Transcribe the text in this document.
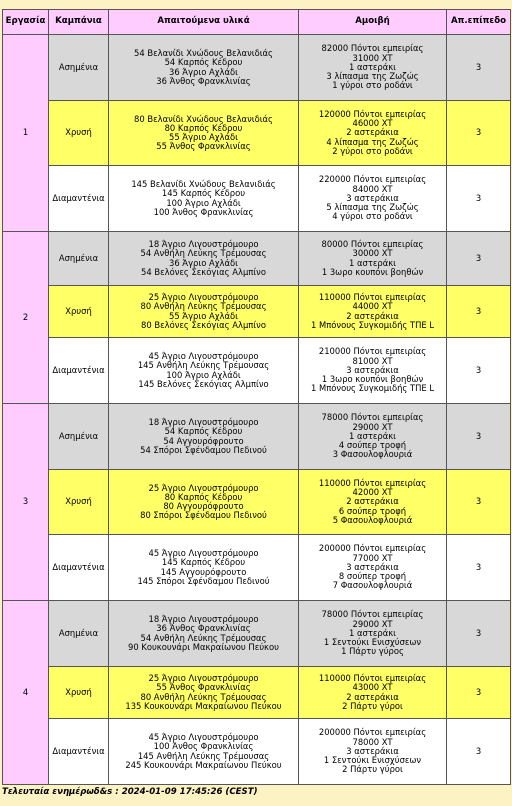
Εργασία	Καμπάνια	Απαιτούμενα υλικά	Αμοιβή	Απ.επίπεδο
1	Ασημένια	54 Βελανίδι Χνώδους Βελανιδιάς
54 Καρπός Κέδρου
36 Άγριο Αχλάδι
36 Άνθος Φρανκλινίας	82000 Πόντοι εμπειρίας
31000 XT
1 αστεράκι
3 λίπασμα της Ζωζώς
1 γύροι στο ροδάνι	3
	Χρυσή	80 Βελανίδι Χνώδους Βελανιδιάς
80 Καρπός Κέδρου
55 Άγριο Αχλάδι
55 Άνθος Φρανκλινίας	120000 Πόντοι εμπειρίας
46000 XT
2 αστεράκια
4 λίπασμα της Ζωζώς
2 γύροι στο ροδάνι	3
	Διαμαντένια	145 Βελανίδι Χνώδους Βελανιδιάς
145 Καρπός Κέδρου
100 Άγριο Αχλάδι
100 Άνθος Φρανκλινίας	220000 Πόντοι εμπειρίας
84000 XT
3 αστεράκια
5 λίπασμα της Ζωζώς
4 γύροι στο ροδάνι	3
2	Ασημένια	18 Άγριο Λιγουστρόμουρο
54 Ανθήλη Λεύκης Τρέμουσας
36 Άγριο Αχλάδι
54 Βελόνες Σεκόγιας Αλμπίνο	80000 Πόντοι εμπειρίας
30000 XT
1 αστεράκι
1 3ωρο κουπόνι βοηθών	3
	Χρυσή	25 Άγριο Λιγουστρόμουρο
80 Ανθήλη Λεύκης Τρέμουσας
55 Άγριο Αχλάδι
80 Βελόνες Σεκόγιας Αλμπίνο	110000 Πόντοι εμπειρίας
44000 XT
2 αστεράκια
1 Μπόνους Συγκομιδής ΤΠΕ L	3
	Διαμαντένια	45 Άγριο Λιγουστρόμουρο
145 Ανθήλη Λεύκης Τρέμουσας
100 Άγριο Αχλάδι
145 Βελόνες Σεκόγιας Αλμπίνο	210000 Πόντοι εμπειρίας
81000 XT
3 αστεράκια
1 3ωρο κουπόνι βοηθών
1 Μπόνους Συγκομιδής ΤΠΕ L	3
3	Ασημένια	18 Άγριο Λιγουστρόμουρο
54 Καρπός Κέδρου
54 Αγγουρόφρουτο
54 Σπόροι Σφένδαμου Πεδινού	78000 Πόντοι εμπειρίας
29000 XT
1 αστεράκι
4 σούπερ τροφή
3 Φασουλοφλουριά	3
	Χρυσή	25 Άγριο Λιγουστρόμουρο
80 Καρπός Κέδρου
80 Αγγουρόφρουτο
80 Σπόροι Σφένδαμου Πεδινού	110000 Πόντοι εμπειρίας
42000 XT
2 αστεράκια
6 σούπερ τροφή
5 Φασουλοφλουριά	3
	Διαμαντένια	45 Άγριο Λιγουστρόμουρο
145 Καρπός Κέδρου
145 Αγγουρόφρουτο
145 Σπόροι Σφένδαμου Πεδινού	200000 Πόντοι εμπειρίας
77000 XT
3 αστεράκια
8 σούπερ τροφή
7 Φασουλοφλουριά	3
4	Ασημένια	18 Άγριο Λιγουστρόμουρο
36 Άνθος Φρανκλινίας
54 Ανθήλη Λεύκης Τρέμουσας
90 Κουκουνάρι Μακραίωνου Πεύκου	78000 Πόντοι εμπειρίας
29000 XT
1 αστεράκι
1 Σεντούκι Ενισχύσεων
1 Πάρτυ γύρος	3
	Χρυσή	25 Άγριο Λιγουστρόμουρο
55 Άνθος Φρανκλινίας
80 Ανθήλη Λεύκης Τρέμουσας
135 Κουκουνάρι Μακραίωνου Πεύκου	110000 Πόντοι εμπειρίας
43000 XT
2 αστεράκια
2 Πάρτυ γύροι	3
	Διαμαντένια	45 Άγριο Λιγουστρόμουρο
100 Άνθος Φρανκλινίας
145 Ανθήλη Λεύκης Τρέμουσας
245 Κουκουνάρι Μακραίωνου Πεύκου	200000 Πόντοι εμπειρίας
78000 XT
3 αστεράκια
1 Σεντούκι Ενισχύσεων
2 Πάρτυ γύροι	3
Τελευταία ενημέρωδ&s : 2024-01-09 17:45:26 (CEST)
